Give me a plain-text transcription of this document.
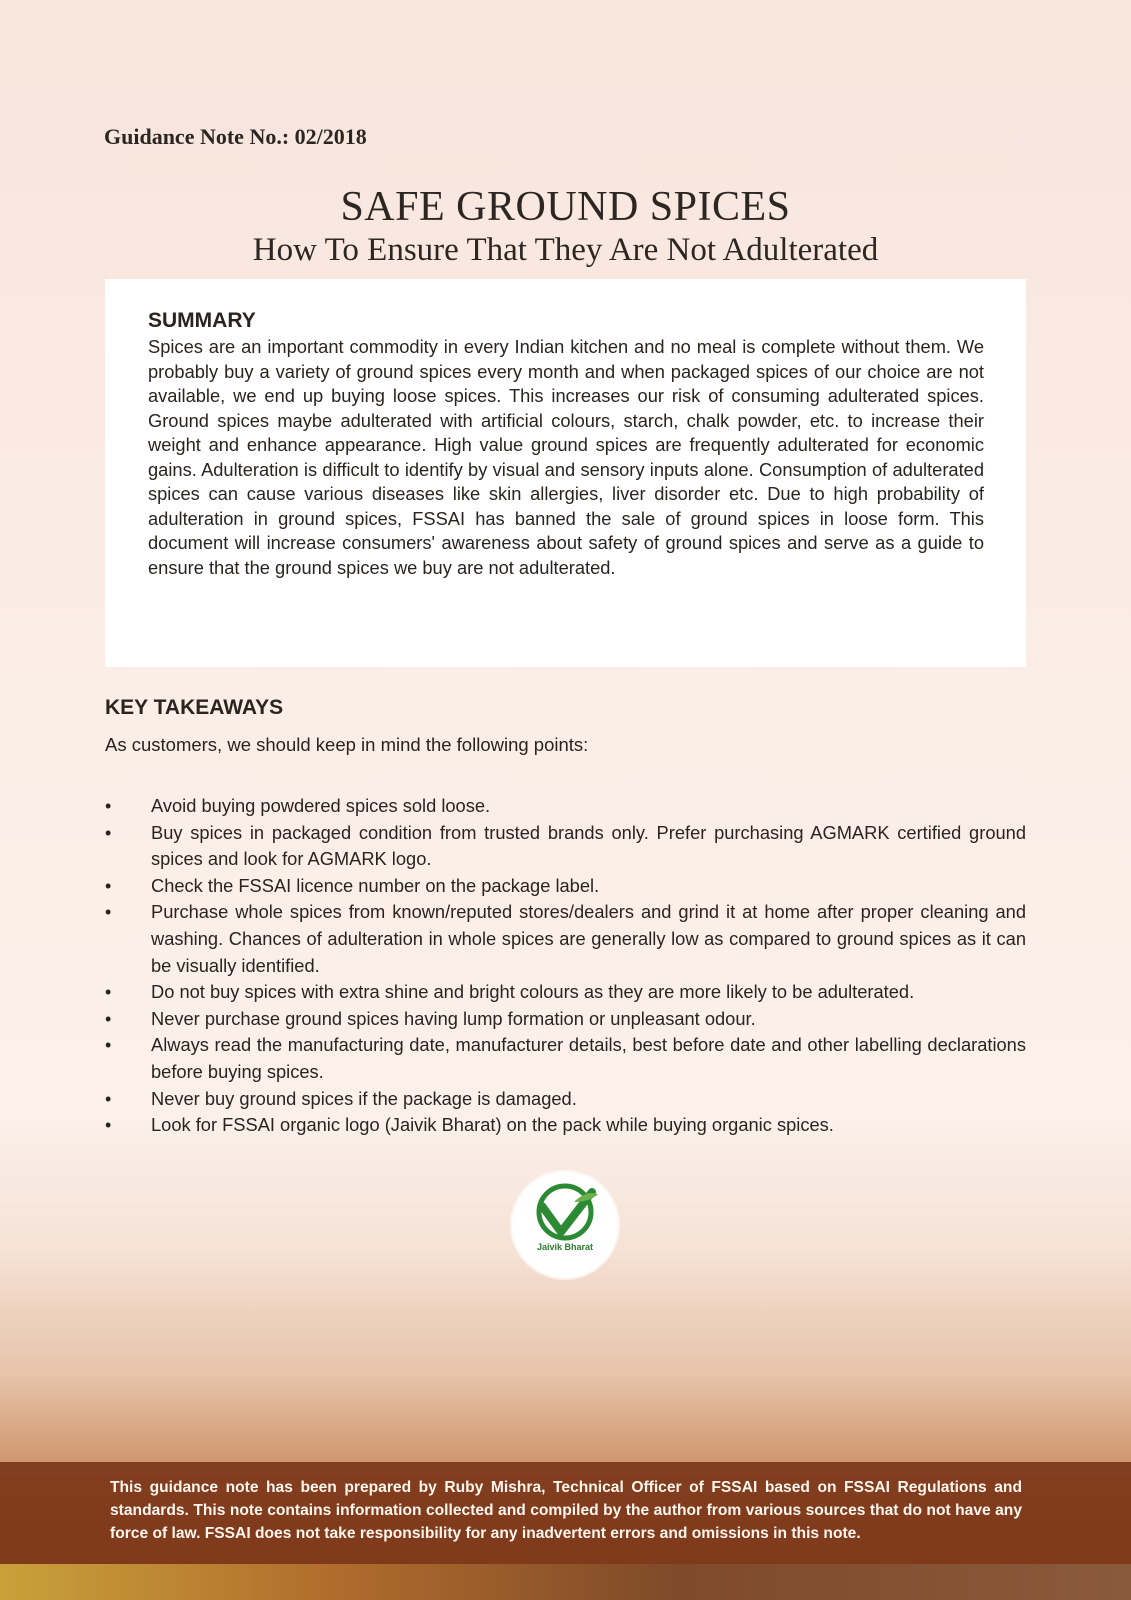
Guidance Note No.: 02/2018
SAFE GROUND SPICES
How To Ensure That They Are Not Adulterated
SUMMARY
Spices are an important commodity in every Indian kitchen and no meal is complete without them. We probably buy a variety of ground spices every month and when packaged spices of our choice are not available, we end up buying loose spices. This increases our risk of consuming adulterated spices. Ground spices maybe adulterated with artificial colours, starch, chalk powder, etc. to increase their weight and enhance appearance. High value ground spices are frequently adulterated for economic gains. Adulteration is difficult to identify by visual and sensory inputs alone. Consumption of adulterated spices can cause various diseases like skin allergies, liver disorder etc. Due to high probability of adulteration in ground spices, FSSAI has banned the sale of ground spices in loose form. This document will increase consumers' awareness about safety of ground spices and serve as a guide to ensure that the ground spices we buy are not adulterated.
KEY TAKEAWAYS
As customers, we should keep in mind the following points:
• Avoid buying powdered spices sold loose.
• Buy spices in packaged condition from trusted brands only. Prefer purchasing AGMARK certified ground spices and look for AGMARK logo.
• Check the FSSAI licence number on the package label.
• Purchase whole spices from known/reputed stores/dealers and grind it at home after proper cleaning and washing. Chances of adulteration in whole spices are generally low as compared to ground spices as it can be visually identified.
• Do not buy spices with extra shine and bright colours as they are more likely to be adulterated.
• Never purchase ground spices having lump formation or unpleasant odour.
• Always read the manufacturing date, manufacturer details, best before date and other labelling declarations before buying spices.
• Never buy ground spices if the package is damaged.
• Look for FSSAI organic logo (Jaivik Bharat) on the pack while buying organic spices.
Jaivik Bharat
This guidance note has been prepared by Ruby Mishra, Technical Officer of FSSAI based on FSSAI Regulations and standards. This note contains information collected and compiled by the author from various sources that do not have any force of law. FSSAI does not take responsibility for any inadvertent errors and omissions in this note.
